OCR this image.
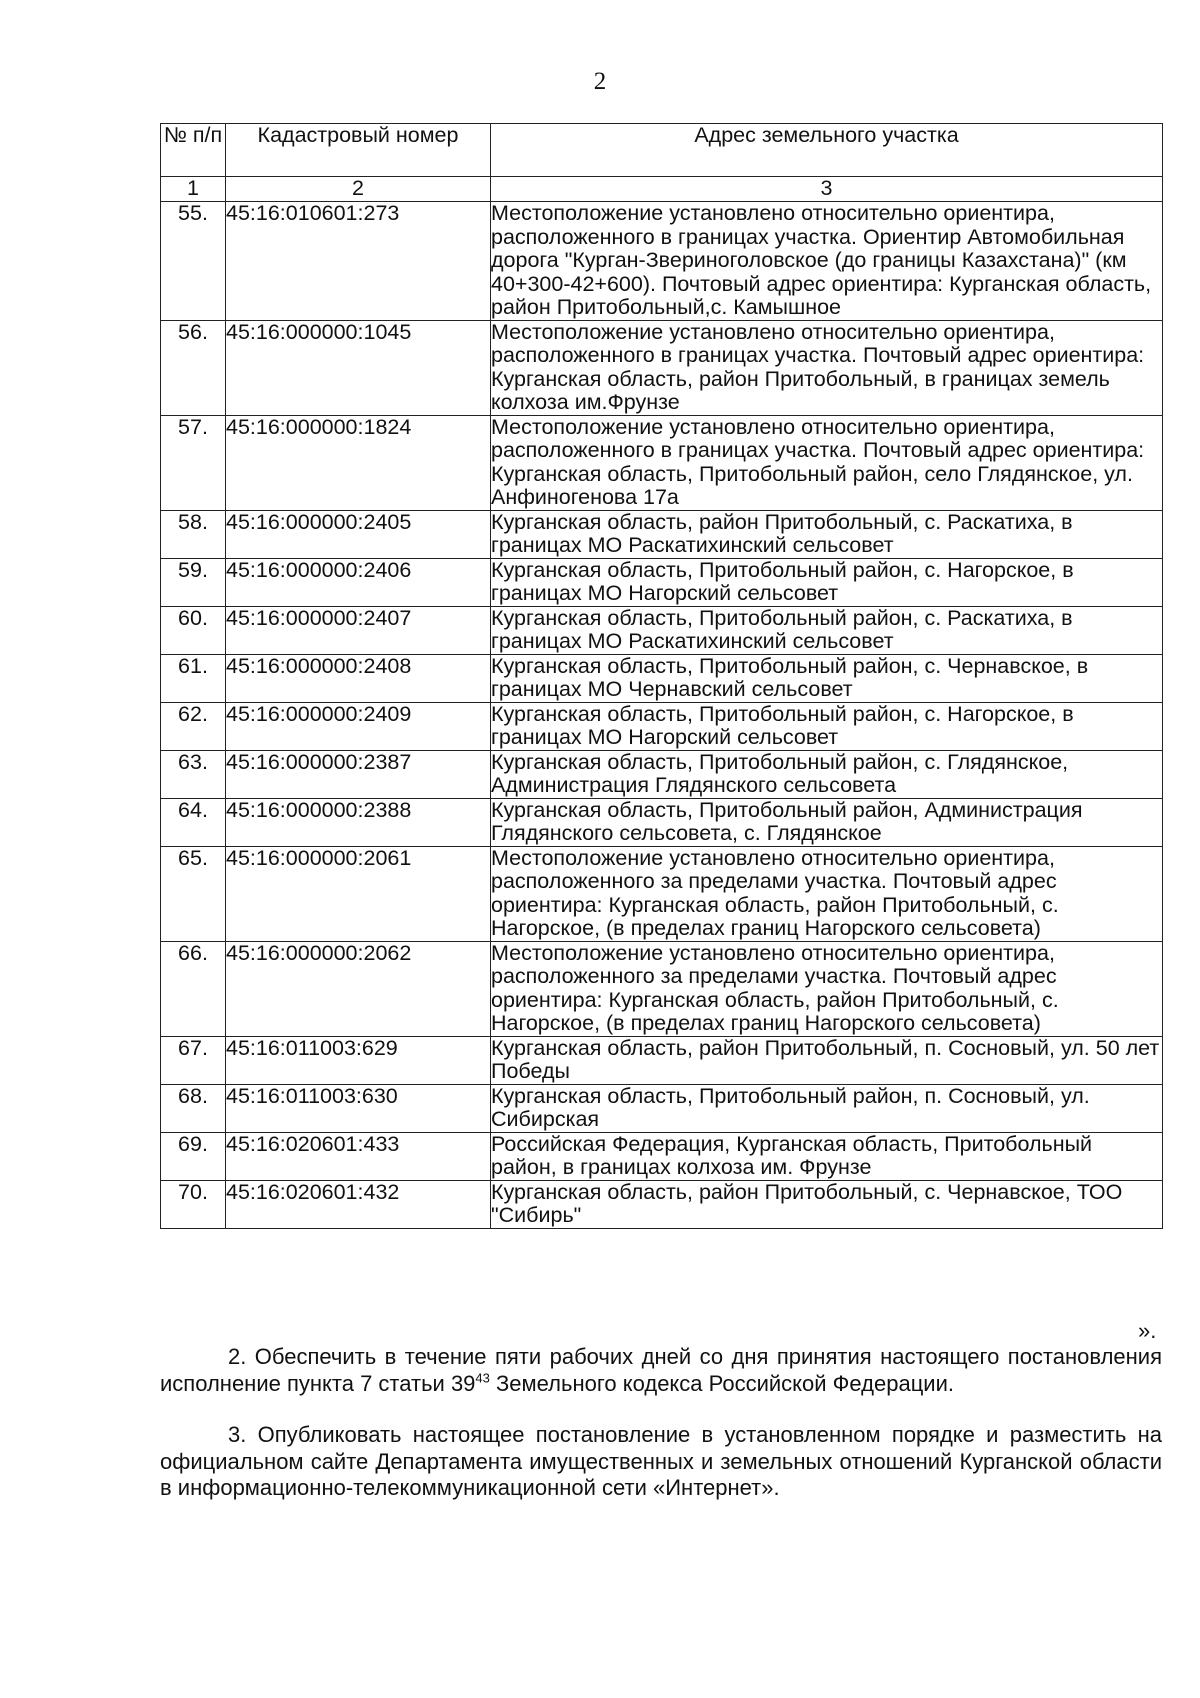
2
№ п/п	Кадастровый номер	Адрес земельного участка
1	2	3
55.	45:16:010601:273	Местоположение установлено относительно ориентира, расположенного в границах участка. Ориентир Автомобильная дорога "Курган-Звериноголовское (до границы Казахстана)" (км 40+300-42+600). Почтовый адрес ориентира: Курганская область, район Притобольный,с. Камышное
56.	45:16:000000:1045	Местоположение установлено относительно ориентира, расположенного в границах участка. Почтовый адрес ориентира: Курганская область, район Притобольный, в границах земель колхоза им.Фрунзе
57.	45:16:000000:1824	Местоположение установлено относительно ориентира, расположенного в границах участка. Почтовый адрес ориентира: Курганская область, Притобольный район, село Глядянское, ул. Анфиногенова 17а
58.	45:16:000000:2405	Курганская область, район Притобольный, с. Раскатиха, в границах МО Раскатихинский сельсовет
59.	45:16:000000:2406	Курганская область, Притобольный район, с. Нагорское, в границах МО Нагорский сельсовет
60.	45:16:000000:2407	Курганская область, Притобольный район, с. Раскатиха, в границах МО Раскатихинский сельсовет
61.	45:16:000000:2408	Курганская область, Притобольный район, с. Чернавское, в границах МО Чернавский сельсовет
62.	45:16:000000:2409	Курганская область, Притобольный район, с. Нагорское, в границах МО Нагорский сельсовет
63.	45:16:000000:2387	Курганская область, Притобольный район, с. Глядянское, Администрация Глядянского сельсовета
64.	45:16:000000:2388	Курганская область, Притобольный район, Администрация Глядянского сельсовета, с. Глядянское
65.	45:16:000000:2061	Местоположение установлено относительно ориентира, расположенного за пределами участка. Почтовый адрес ориентира: Курганская область, район Притобольный, с. Нагорское, (в пределах границ Нагорского сельсовета)
66.	45:16:000000:2062	Местоположение установлено относительно ориентира, расположенного за пределами участка. Почтовый адрес ориентира: Курганская область, район Притобольный, с. Нагорское, (в пределах границ Нагорского сельсовета)
67.	45:16:011003:629	Курганская область, район Притобольный, п. Сосновый, ул. 50 лет Победы
68.	45:16:011003:630	Курганская область, Притобольный район, п. Сосновый, ул. Сибирская
69.	45:16:020601:433	Российская Федерация, Курганская область, Притобольный район, в границах колхоза им. Фрунзе
70.	45:16:020601:432	Курганская область, район Притобольный, с. Чернавское, ТОО "Сибирь"
».

2. Обеспечить в течение пяти рабочих дней со дня принятия настоящего постановления исполнение пункта 7 статьи $39^{43}$ Земельного кодекса Российской Федерации.

3. Опубликовать настоящее постановление в установленном порядке и разместить на официальном сайте Департамента имущественных и земельных отношений Курганской области в информационно-телекоммуникационной сети «Интернет».
